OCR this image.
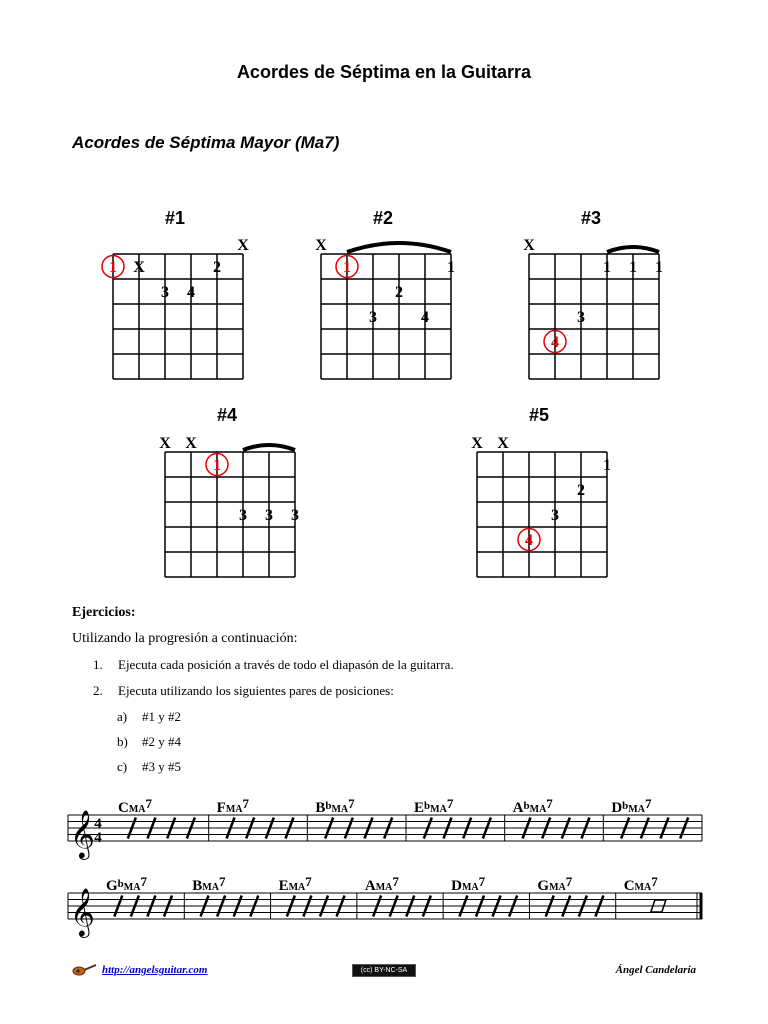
Acordes de Séptima en la Guitarra
Acordes de Séptima Mayor (Ma7)
#1	#2	#3
#4	#5
X
1 X	2
3 4
X
1	1
2
3	4
X
1 1 1
3
4
X X
1
3 3 3
X X
1
2
3
4
Ejercicios:
Utilizando la progresión a continuación:
1. Ejecuta cada posición a través de todo el diapasón de la guitarra.
2. Ejecuta utilizando los siguientes pares de posiciones:
a) #1 y #2
b) #2 y #4
c) #3 y #5
𝄞 4
4
CMA7	FMA7	$B^b_{MA}7$	$E^b_{MA}7$	$A^b_{MA}7$	$D^b_{MA}7$
𝄞
$G^b_{MA}7$	BMA7	EMA7	AMA7	DMA7	GMA7	CMA7
http://angelsguitar.com	(cc) BY-NC-SA	Ángel Candelaria
